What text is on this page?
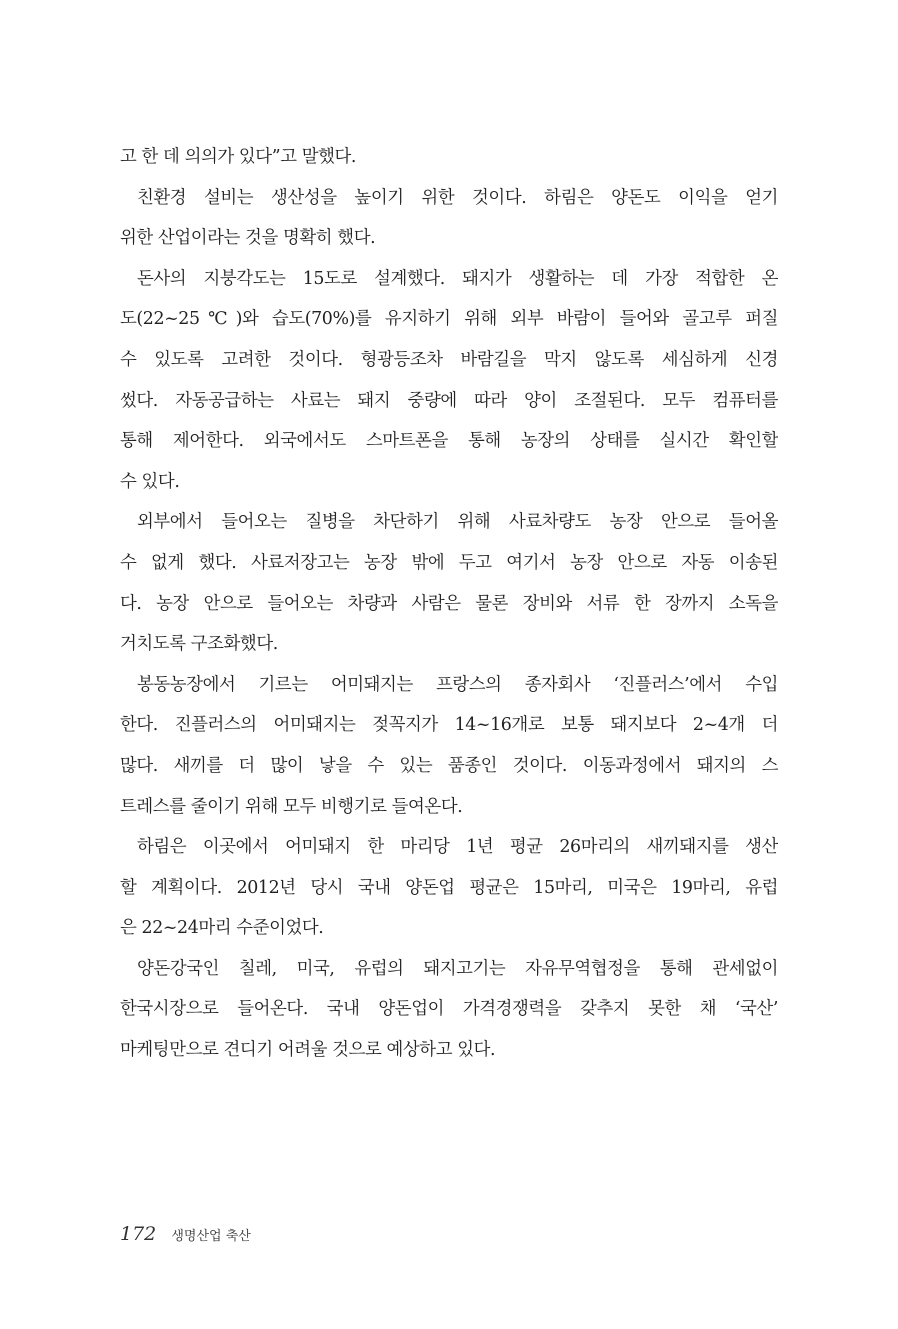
고 한 데 의의가 있다”고 말했다.
친환경 설비는 생산성을 높이기 위한 것이다. 하림은 양돈도 이익을 얻기
위한 산업이라는 것을 명확히 했다.
돈사의 지붕각도는 15도로 설계했다. 돼지가 생활하는 데 가장 적합한 온
도(22~25℃)와 습도(70%)를 유지하기 위해 외부 바람이 들어와 골고루 퍼질
수 있도록 고려한 것이다. 형광등조차 바람길을 막지 않도록 세심하게 신경
썼다. 자동공급하는 사료는 돼지 중량에 따라 양이 조절된다. 모두 컴퓨터를
통해 제어한다. 외국에서도 스마트폰을 통해 농장의 상태를 실시간 확인할
수 있다.
외부에서 들어오는 질병을 차단하기 위해 사료차량도 농장 안으로 들어올
수 없게 했다. 사료저장고는 농장 밖에 두고 여기서 농장 안으로 자동 이송된
다. 농장 안으로 들어오는 차량과 사람은 물론 장비와 서류 한 장까지 소독을
거치도록 구조화했다.
봉동농장에서 기르는 어미돼지는 프랑스의 종자회사 ‘진플러스’에서 수입
한다. 진플러스의 어미돼지는 젖꼭지가 14~16개로 보통 돼지보다 2~4개 더
많다. 새끼를 더 많이 낳을 수 있는 품종인 것이다. 이동과정에서 돼지의 스
트레스를 줄이기 위해 모두 비행기로 들여온다.
하림은 이곳에서 어미돼지 한 마리당 1년 평균 26마리의 새끼돼지를 생산
할 계획이다. 2012년 당시 국내 양돈업 평균은 15마리, 미국은 19마리, 유럽
은 22~24마리 수준이었다.
양돈강국인 칠레, 미국, 유럽의 돼지고기는 자유무역협정을 통해 관세없이
한국시장으로 들어온다. 국내 양돈업이 가격경쟁력을 갖추지 못한 채 ‘국산’
마케팅만으로 견디기 어려울 것으로 예상하고 있다.
172 생명산업 축산
